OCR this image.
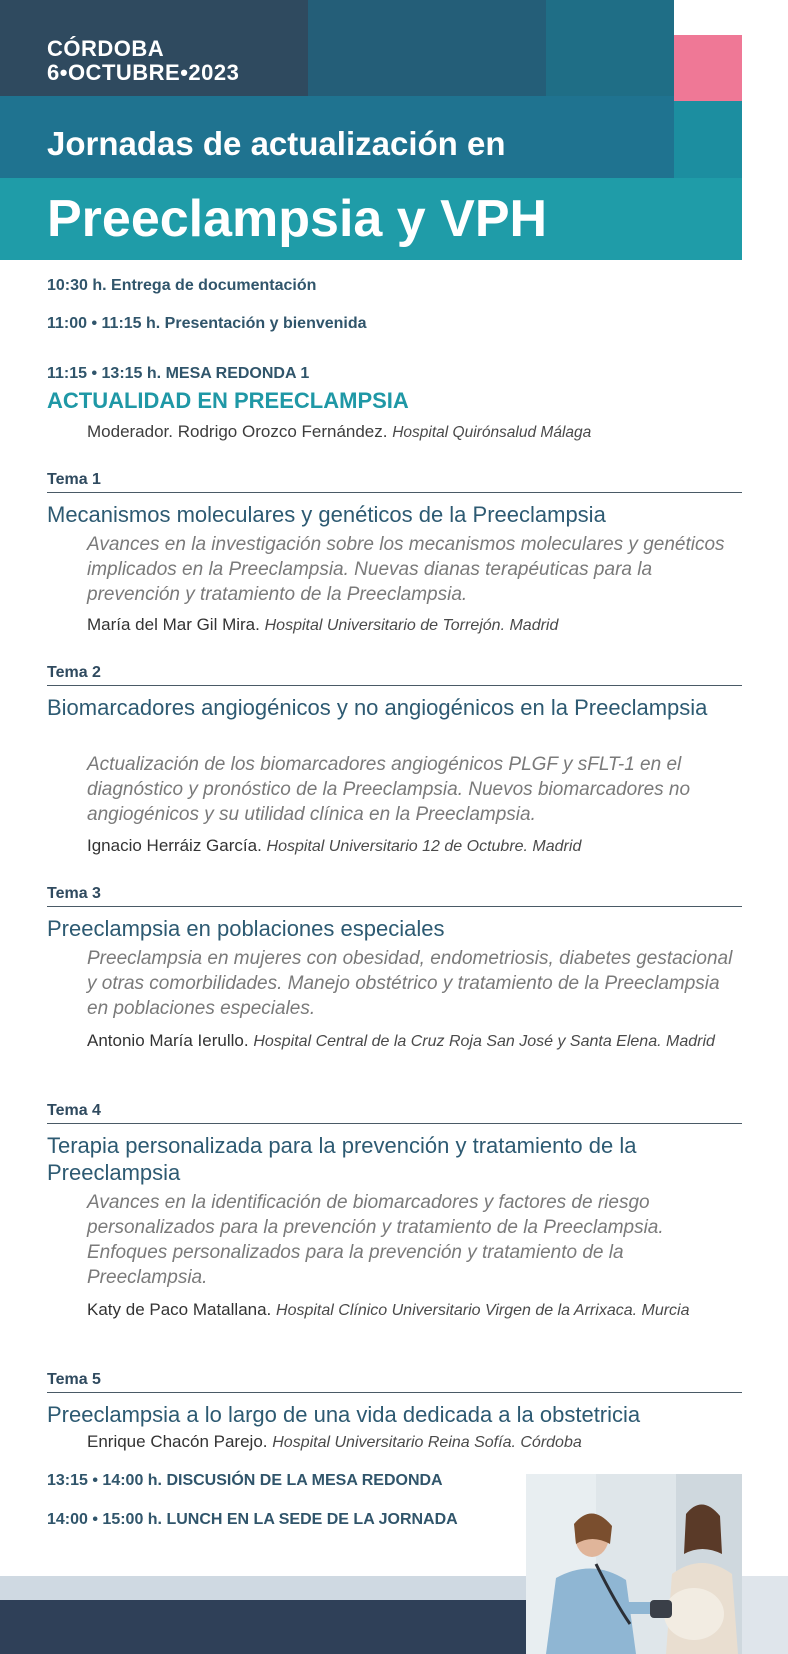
CÓRDOBA
6•OCTUBRE•2023
Jornadas de actualización en
Preeclampsia y VPH
10:30 h. Entrega de documentación
11:00 • 11:15 h. Presentación y bienvenida
11:15 • 13:15 h. MESA REDONDA 1
ACTUALIDAD EN PREECLAMPSIA
Moderador. Rodrigo Orozco Fernández. Hospital Quirónsalud Málaga
Tema 1
Mecanismos moleculares y genéticos de la Preeclampsia
Avances en la investigación sobre los mecanismos moleculares y genéticos implicados en la Preeclampsia. Nuevas dianas terapéuticas para la prevención y tratamiento de la Preeclampsia.
María del Mar Gil Mira. Hospital Universitario de Torrejón. Madrid
Tema 2
Biomarcadores angiogénicos y no angiogénicos en la Preeclampsia
Actualización de los biomarcadores angiogénicos PLGF y sFLT-1 en el diagnóstico y pronóstico de la Preeclampsia. Nuevos biomarcadores no angiogénicos y su utilidad clínica en la Preeclampsia.
Ignacio Herráiz García. Hospital Universitario 12 de Octubre. Madrid
Tema 3
Preeclampsia en poblaciones especiales
Preeclampsia en mujeres con obesidad, endometriosis, diabetes gestacional y otras comorbilidades. Manejo obstétrico y tratamiento de la Preeclampsia en poblaciones especiales.
Antonio María Ierullo. Hospital Central de la Cruz Roja San José y Santa Elena. Madrid
Tema 4
Terapia personalizada para la prevención y tratamiento de la Preeclampsia
Avances en la identificación de biomarcadores y factores de riesgo personalizados para la prevención y tratamiento de la Preeclampsia. Enfoques personalizados para la prevención y tratamiento de la Preeclampsia.
Katy de Paco Matallana. Hospital Clínico Universitario Virgen de la Arrixaca. Murcia
Tema 5
Preeclampsia a lo largo de una vida dedicada a la obstetricia
Enrique Chacón Parejo. Hospital Universitario Reina Sofía. Córdoba
13:15 • 14:00 h. DISCUSIÓN DE LA MESA REDONDA
14:00 • 15:00 h. LUNCH EN LA SEDE DE LA JORNADA
